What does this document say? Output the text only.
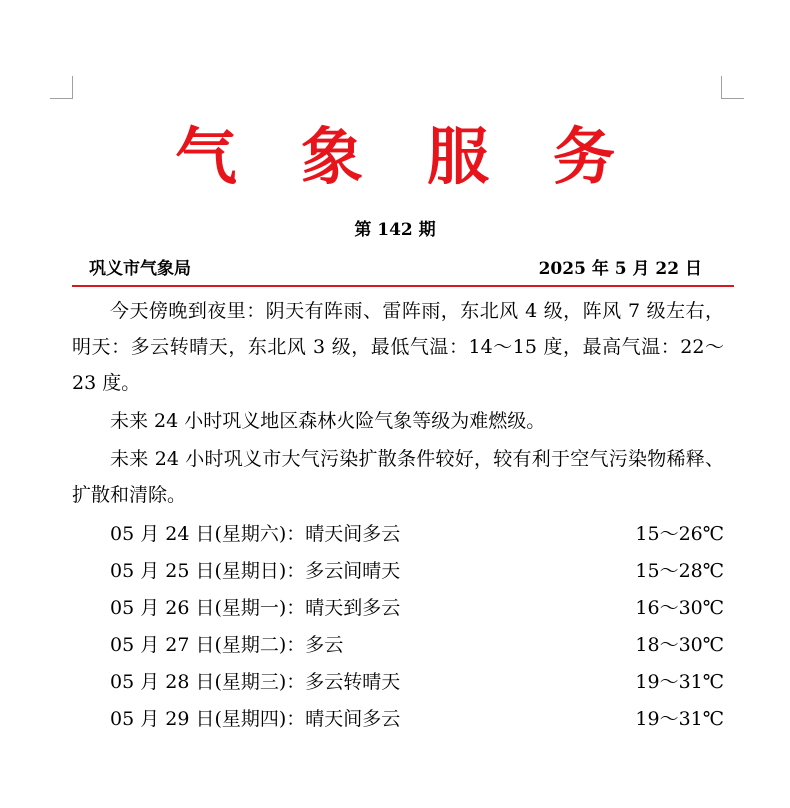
气象服务
第 142 期
巩义市气象局	2025 年 5 月 22 日
今天傍晚到夜里：阴天有阵雨、雷阵雨，东北风 4 级，阵风 7 级左右，明天：多云转晴天，东北风 3 级，最低气温：14～15 度，最高气温：22～23 度。
未来 24 小时巩义地区森林火险气象等级为难燃级。
未来 24 小时巩义市大气污染扩散条件较好，较有利于空气污染物稀释、扩散和清除。
05 月 24 日(星期六)：晴天间多云	15～26℃
05 月 25 日(星期日)：多云间晴天	15～28℃
05 月 26 日(星期一)：晴天到多云	16～30℃
05 月 27 日(星期二)：多云	18～30℃
05 月 28 日(星期三)：多云转晴天	19～31℃
05 月 29 日(星期四)：晴天间多云	19～31℃
